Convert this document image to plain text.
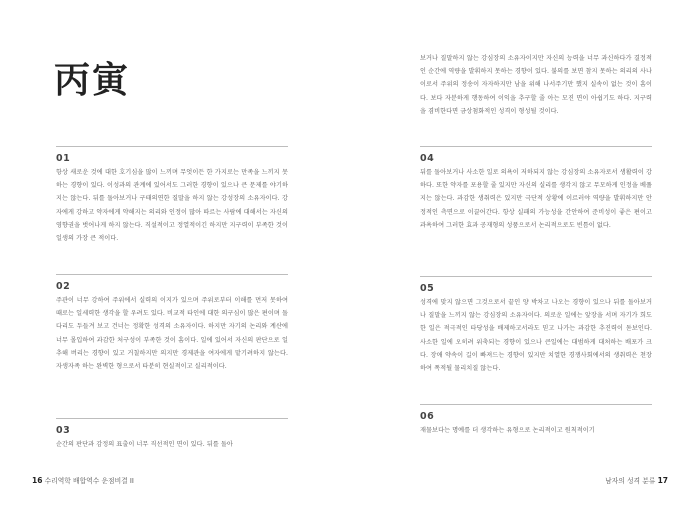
丙寅

01

항상 새로운 것에 대한 호기심을 많이 느끼며 무엇이든 한 가지로는 만족을 느끼지 못하는 경향이 있다. 이성과의 관계에 있어서도 그러한 경향이 있으나 큰 문제를 야기하지는 않는다. 뒤를 돌아보거나 구태의연한 질말을 하지 않는 강성장의 소유자이다. 강자에게 강하고 약자에게 약해지는 의리와 인정이 많아 따르는 사람에 대해서는 자신의 영향권을 벗어나게 하지 않는다. 직설적이고 정열적이긴 하지만 지구력이 부족한 것이 일생의 가장 큰 적이다.

02

주관이 너무 강하여 주위에서 실력의 이지가 있으며 주위로부터 이해를 먼저 못하여 때로는 일세력한 생각을 할 우려도 있다. 비교적 타인에 대한 의구심이 많은 편이며 돌다리도 두들겨 보고 건너는 정확한 성격의 소유자이다. 하지만 자기의 논리와 계산에 너무 몰입하여 과감한 처구성이 부족한 것이 흠이다. 일에 있어서 자신의 판단으로 일추해 버리는 경향이 있고 거칠하지만 의지만 경제관을 여자에게 맡기려하지 않는다. 자생자족 하는 완벽한 형으로서 타분히 현실적이고 실리적이다.

03

순간의 판단과 감정의 표출이 너무 직선적인 면이 있다. 뒤를 돌아

16 수리역학 배합역수 운점비결 II

보거나 질말하지 않는 강심장의 소유자이지만 자신의 능력을 너무 과신하다가 결정적인 순간에 역량을 발휘하지 못하는 경향이 있다. 불의를 보면 참지 못하는 의리의 사나이로서 주위의 정송이 자자하지만 남을 위해 나서주기만 했지 실속이 없는 것이 흠이다. 보다 자분하게 행동하여 이익을 추구할 줄 아는 모진 면이 아쉽기도 하다. 지구력을 겸비한다면 금상첨화적인 성격이 형성될 것이다.

04

뒤를 돌아보거나 사소한 일로 의욕이 저하되지 않는 강심장의 소유자로서 생활력이 강하다. 또한 약자를 포용할 줄 있지만 자신의 실리를 생각지 않고 무모하게 인정을 베풀지는 않는다. 과감한 생취력은 있지만 극단적 상황에 이르러야 역량을 발휘하지만 안정적인 측면으로 이끌어간다. 항상 실패의 가능성을 간안하여 준비성이 좋은 편이고 과욕하여 그러한 효과 공재형의 성품으로서 논리적으로도 빈틈이 없다.

05

성격에 맞지 않으면 그것으로서 끝인 양 박차고 나오는 경향이 있으나 뒤를 돌아보거나 질말을 느끼지 않는 강심장의 소유자이다. 의로운 일에는 앞장을 서며 자기가 희도한 일은 적극적인 타당성을 배제하고서라도 믿고 나가는 과감한 추진력이 돋보인다. 사소한 일에 오히려 위축되는 경향이 있으나 큰일에는 대범하게 대처하는 배포가 크다. 장애 약속이 길이 빠져드는 경향이 있지만 치열한 경쟁사회에서의 생취력은 천장하여 폭적될 물리치질 않는다.

06

재물보다는 명예를 더 생각하는 유형으로 논리적이고 원칙적이기

남자의 성격 분류 17
